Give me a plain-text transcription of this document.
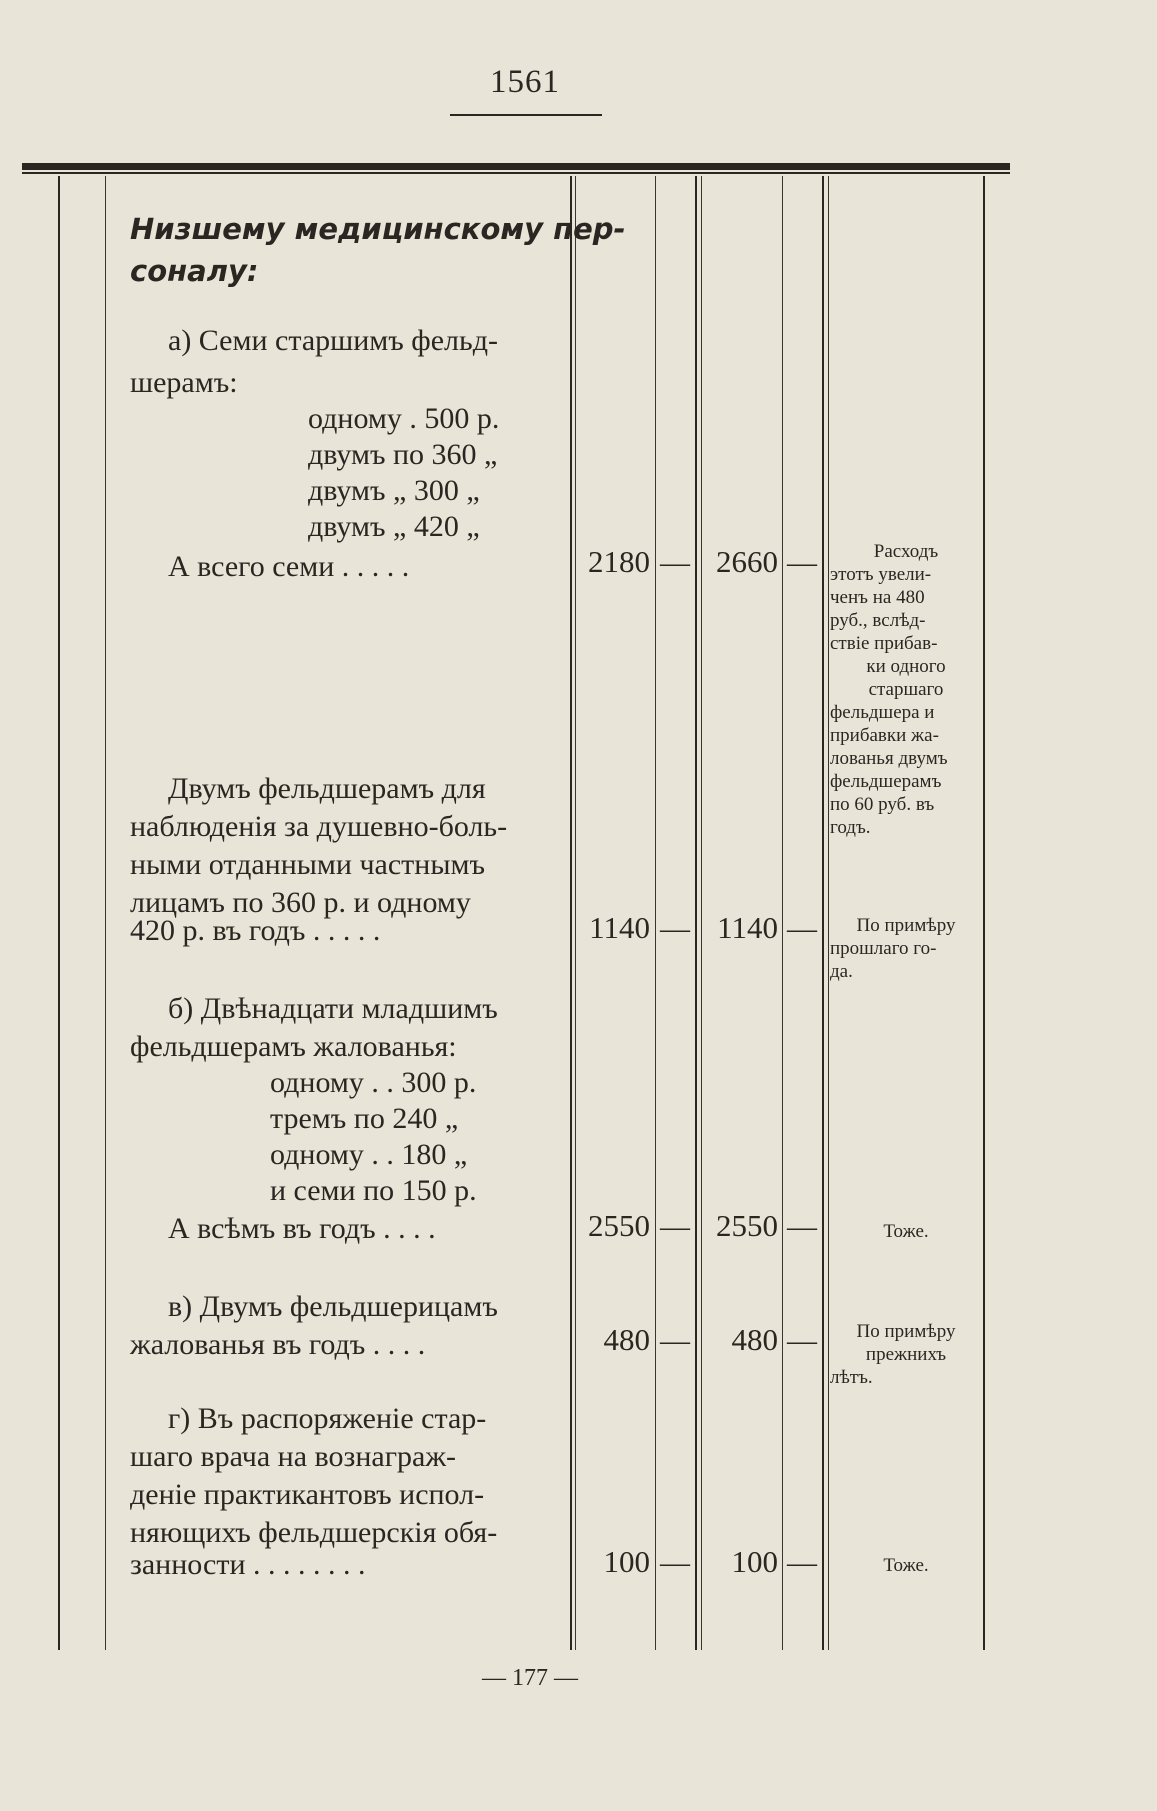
1561
Низшему медицинскому пер-
соналу:
а) Семи старшимъ фельд-
шерамъ:
одному . 500 р.
двумъ по 360 „
двумъ „ 300 „
двумъ „ 420 „
А всего семи . . . . .	2180 — 2660 —	Расходъ
этотъ увели-
ченъ на 480
руб., вслѣд-
ствіе прибав-
ки одного
старшаго
фельдшера и
прибавки жа-
лованья двумъ
фельдшерамъ
по 60 руб. въ
годъ.
Двумъ фельдшерамъ для
наблюденія за душевно-боль-
ными отданными частнымъ
лицамъ по 360 р. и одному
420 р. въ годъ . . . . .	1140 — 1140 —	По примѣру
прошлаго го-
да.
б) Двѣнадцати младшимъ
фельдшерамъ жалованья:
одному . . 300 р.
тремъ по 240 „
одному . . 180 „
и семи по 150 р.
А всѣмъ въ годъ . . . .	2550 — 2550 —	Тоже.
в) Двумъ фельдшерицамъ
жалованья въ годъ . . . .	480 —	480 —	По примѣру
прежнихъ
лѣтъ.
г) Въ распоряженіе стар-
шаго врача на вознаграж-
деніе практикантовъ испол-
няющихъ фельдшерскія обя-
занности . . . . . . . .	100 —	100 —	Тоже.
— 177 —
